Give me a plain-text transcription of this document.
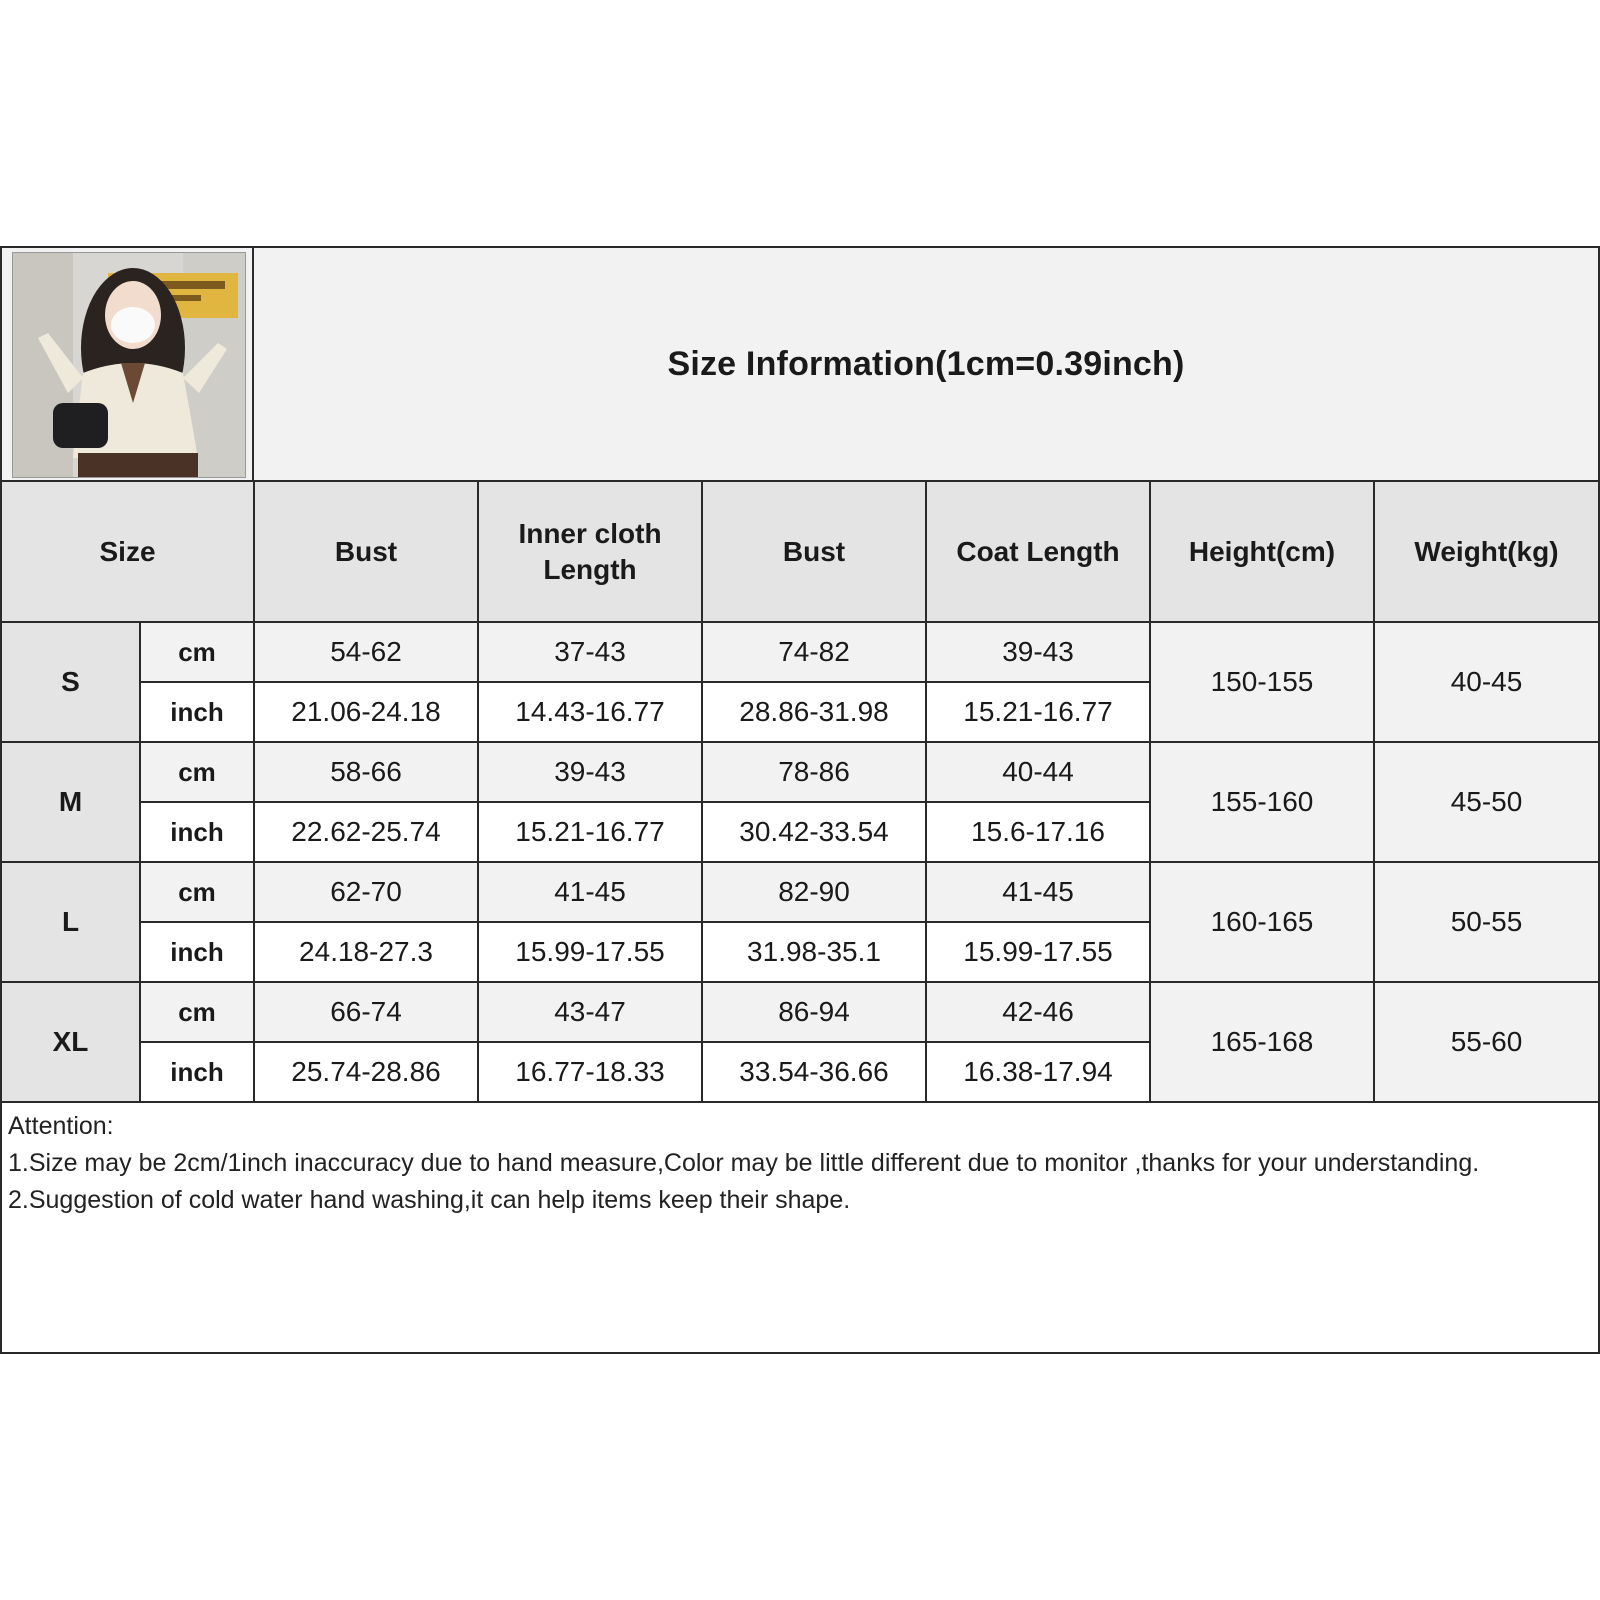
Size Information(1cm=0.39inch)
Size		Bust	Inner cloth
Length	Bust	Coat Length	Height(cm)	Weight(kg)
S	cm	54-62	37-43	74-82	39-43	150-155	40-45
	inch	21.06-24.18	14.43-16.77	28.86-31.98	15.21-16.77		
M	cm	58-66	39-43	78-86	40-44	155-160	45-50
	inch	22.62-25.74	15.21-16.77	30.42-33.54	15.6-17.16		
L	cm	62-70	41-45	82-90	41-45	160-165	50-55
	inch	24.18-27.3	15.99-17.55	31.98-35.1	15.99-17.55		
XL	cm	66-74	43-47	86-94	42-46	165-168	55-60
	inch	25.74-28.86	16.77-18.33	33.54-36.66	16.38-17.94		
Attention:
1.Size may be 2cm/1inch inaccuracy due to hand measure,Color may be little different due to monitor ,thanks for your understanding.
2.Suggestion of cold water hand washing,it can help items keep their shape.
